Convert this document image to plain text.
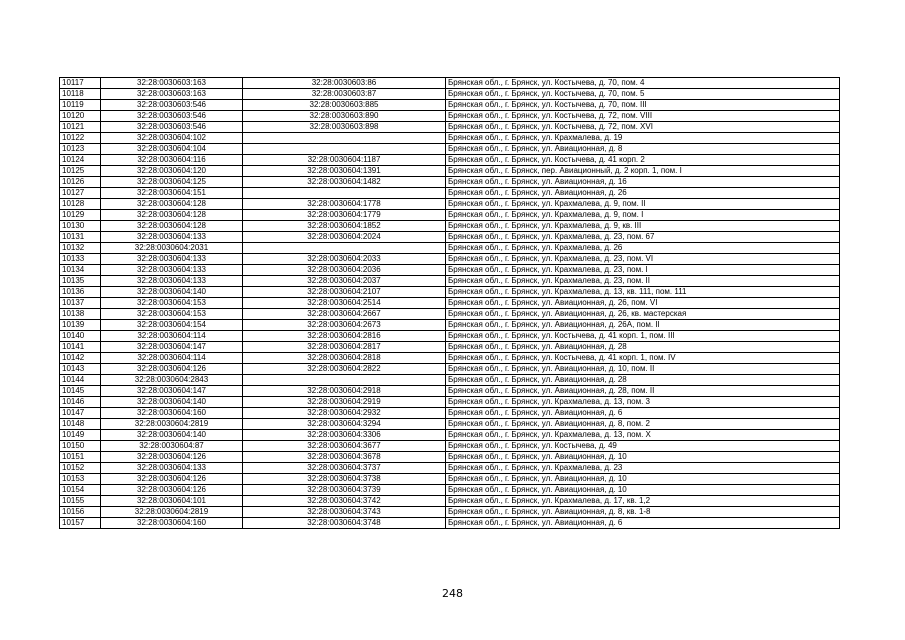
10117	32:28:0030603:163	32:28:0030603:86	Брянская обл., г. Брянск, ул. Костычева, д. 70, пом. 4
10118	32:28:0030603:163	32:28:0030603:87	Брянская обл., г. Брянск, ул. Костычева, д. 70, пом. 5
10119	32:28:0030603:546	32:28:0030603:885	Брянская обл., г. Брянск, ул. Костычева, д. 70, пом. III
10120	32:28:0030603:546	32:28:0030603:890	Брянская обл., г. Брянск, ул. Костычева, д. 72, пом. VIII
10121	32:28:0030603:546	32:28:0030603:898	Брянская обл., г. Брянск, ул. Костычева, д. 72, пом. XVI
10122	32:28:0030604:102		Брянская обл., г. Брянск, ул. Крахмалева, д. 19
10123	32:28:0030604:104		Брянская обл., г. Брянск, ул. Авиационная, д. 8
10124	32:28:0030604:116	32:28:0030604:1187	Брянская обл., г. Брянск, ул. Костычева, д. 41 корп. 2
10125	32:28:0030604:120	32:28:0030604:1391	Брянская обл., г. Брянск, пер. Авиационный, д. 2 корп. 1, пом. I
10126	32:28:0030604:125	32:28:0030604:1482	Брянская обл., г. Брянск, ул. Авиационная, д. 16
10127	32:28:0030604:151		Брянская обл., г. Брянск, ул. Авиационная, д. 26
10128	32:28:0030604:128	32:28:0030604:1778	Брянская обл., г. Брянск, ул. Крахмалева, д. 9, пом. II
10129	32:28:0030604:128	32:28:0030604:1779	Брянская обл., г. Брянск, ул. Крахмалева, д. 9, пом. I
10130	32:28:0030604:128	32:28:0030604:1852	Брянская обл., г. Брянск, ул. Крахмалева, д. 9, кв. III
10131	32:28:0030604:133	32:28:0030604:2024	Брянская обл., г. Брянск, ул. Крахмалева, д. 23, пом. 67
10132	32:28:0030604:2031		Брянская обл., г. Брянск, ул. Крахмалева, д. 26
10133	32:28:0030604:133	32:28:0030604:2033	Брянская обл., г. Брянск, ул. Крахмалева, д. 23, пом. VI
10134	32:28:0030604:133	32:28:0030604:2036	Брянская обл., г. Брянск, ул. Крахмалева, д. 23, пом. I
10135	32:28:0030604:133	32:28:0030604:2037	Брянская обл., г. Брянск, ул. Крахмалева, д. 23, пом. II
10136	32:28:0030604:140	32:28:0030604:2107	Брянская обл., г. Брянск, ул. Крахмалева, д. 13, кв. 111, пом. 111
10137	32:28:0030604:153	32:28:0030604:2514	Брянская обл., г. Брянск, ул. Авиационная, д. 26, пом. VI
10138	32:28:0030604:153	32:28:0030604:2667	Брянская обл., г. Брянск, ул. Авиационная, д. 26, кв. мастерская
10139	32:28:0030604:154	32:28:0030604:2673	Брянская обл., г. Брянск, ул. Авиационная, д. 26А, пом. II
10140	32:28:0030604:114	32:28:0030604:2816	Брянская обл., г. Брянск, ул. Костычева, д. 41 корп. 1, пом. III
10141	32:28:0030604:147	32:28:0030604:2817	Брянская обл., г. Брянск, ул. Авиационная, д. 28
10142	32:28:0030604:114	32:28:0030604:2818	Брянская обл., г. Брянск, ул. Костычева, д. 41 корп. 1, пом. IV
10143	32:28:0030604:126	32:28:0030604:2822	Брянская обл., г. Брянск, ул. Авиационная, д. 10, пом. II
10144	32:28:0030604:2843		Брянская обл., г. Брянск, ул. Авиационная, д. 28
10145	32:28:0030604:147	32:28:0030604:2918	Брянская обл., г. Брянск, ул. Авиационная, д. 28, пом. II
10146	32:28:0030604:140	32:28:0030604:2919	Брянская обл., г. Брянск, ул. Крахмалева, д. 13, пом. 3
10147	32:28:0030604:160	32:28:0030604:2932	Брянская обл., г. Брянск, ул. Авиационная, д. 6
10148	32:28:0030604:2819	32:28:0030604:3294	Брянская обл., г. Брянск, ул. Авиационная, д. 8, пом. 2
10149	32:28:0030604:140	32:28:0030604:3306	Брянская обл., г. Брянск, ул. Крахмалева, д. 13, пом. X
10150	32:28:0030604:87	32:28:0030604:3677	Брянская обл., г. Брянск, ул. Костычева, д. 49
10151	32:28:0030604:126	32:28:0030604:3678	Брянская обл., г. Брянск, ул. Авиационная, д. 10
10152	32:28:0030604:133	32:28:0030604:3737	Брянская обл., г. Брянск, ул. Крахмалева, д. 23
10153	32:28:0030604:126	32:28:0030604:3738	Брянская обл., г. Брянск, ул. Авиационная, д. 10
10154	32:28:0030604:126	32:28:0030604:3739	Брянская обл., г. Брянск, ул. Авиационная, д. 10
10155	32:28:0030604:101	32:28:0030604:3742	Брянская обл., г. Брянск, ул. Крахмалева, д. 17, кв. 1,2
10156	32:28:0030604:2819	32:28:0030604:3743	Брянская обл., г. Брянск, ул. Авиационная, д. 8, кв. 1-8
10157	32:28:0030604:160	32:28:0030604:3748	Брянская обл., г. Брянск, ул. Авиационная, д. 6
248
